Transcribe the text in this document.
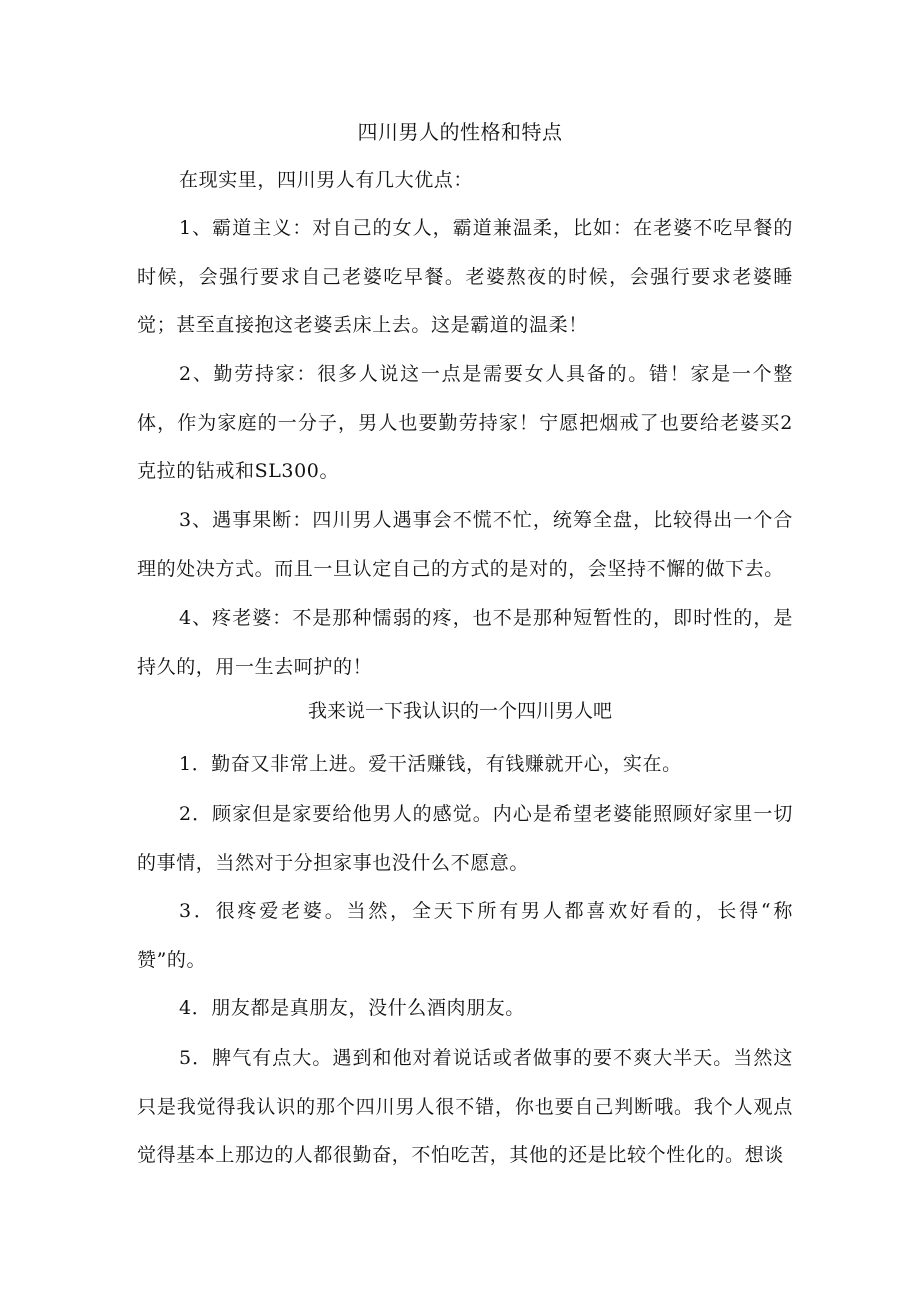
四川男人的性格和特点

在现实里，四川男人有几大优点：

1、霸道主义：对自己的女人，霸道兼温柔，比如：在老婆不吃早餐的时候，会强行要求自己老婆吃早餐。老婆熬夜的时候，会强行要求老婆睡觉；甚至直接抱这老婆丢床上去。这是霸道的温柔！

2、勤劳持家：很多人说这一点是需要女人具备的。错！家是一个整体，作为家庭的一分子，男人也要勤劳持家！宁愿把烟戒了也要给老婆买2克拉的钻戒和SL300。

3、遇事果断：四川男人遇事会不慌不忙，统筹全盘，比较得出一个合理的处决方式。而且一旦认定自己的方式的是对的，会坚持不懈的做下去。

4、疼老婆：不是那种懦弱的疼，也不是那种短暂性的，即时性的，是持久的，用一生去呵护的！

我来说一下我认识的一个四川男人吧

1．勤奋又非常上进。爱干活赚钱，有钱赚就开心，实在。

2．顾家但是家要给他男人的感觉。内心是希望老婆能照顾好家里一切的事情，当然对于分担家事也没什么不愿意。

3．很疼爱老婆。当然，全天下所有男人都喜欢好看的，长得“称赞”的。

4．朋友都是真朋友，没什么酒肉朋友。

5．脾气有点大。遇到和他对着说话或者做事的要不爽大半天。当然这只是我觉得我认识的那个四川男人很不错，你也要自己判断哦。我个人观点觉得基本上那边的人都很勤奋，不怕吃苦，其他的还是比较个性化的。想谈
